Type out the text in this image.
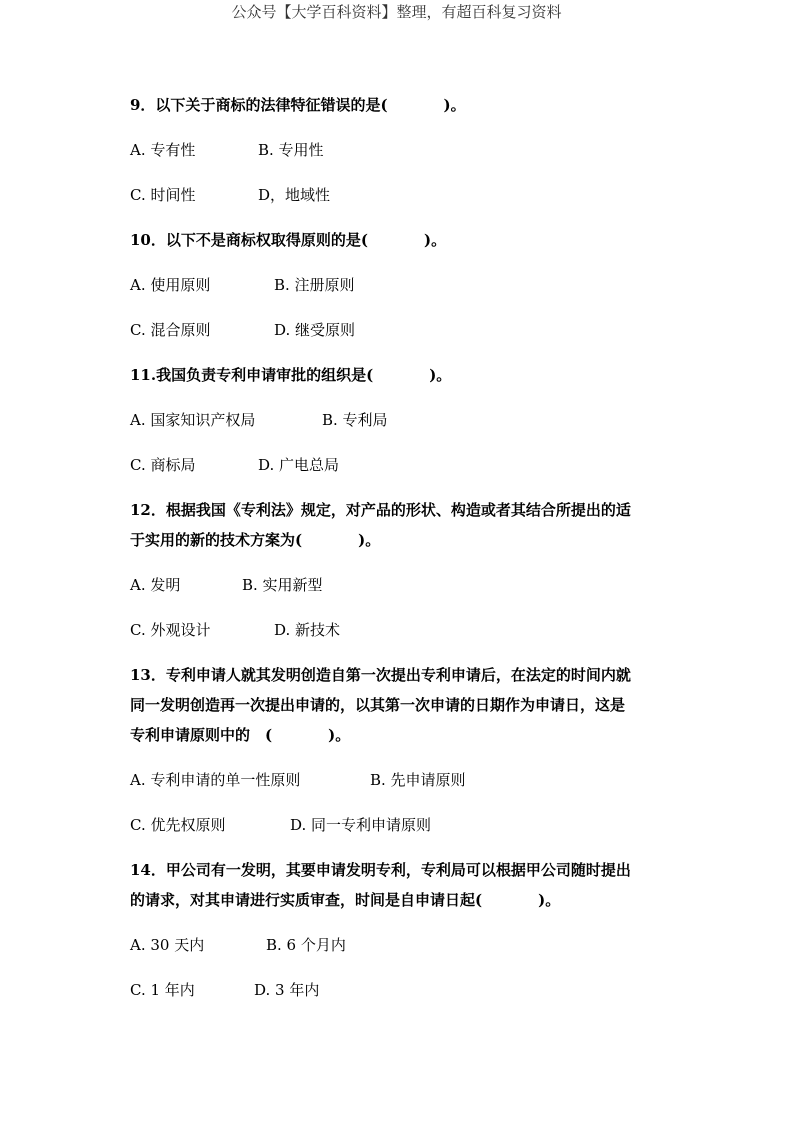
公众号【大学百科资料】整理，有超百科复习资料

9．以下关于商标的法律特征错误的是(	)。

A. 专有性	B. 专用性

C. 时间性	D，地域性

10．以下不是商标权取得原则的是(	)。

A. 使用原则	B. 注册原则

C. 混合原则	D. 继受原则

11.我国负责专利申请审批的组织是(	)。

A. 国家知识产权局	B. 专利局

C. 商标局	D. 广电总局

12．根据我国《专利法》规定，对产品的形状、构造或者其结合所提出的适

于实用的新的技术方案为(	)。

A. 发明	B. 实用新型

C. 外观设计	D. 新技术

13．专利申请人就其发明创造自第一次提出专利申请后，在法定的时间内就

同一发明创造再一次提出申请的，以其第一次申请的日期作为申请日，这是

专利申请原则中的　(	)。

A. 专利申请的单一性原则	B. 先申请原则

C. 优先权原则	D. 同一专利申请原则

14．甲公司有一发明，其要申请发明专利，专利局可以根据甲公司随时提出

的请求，对其申请进行实质审查，时间是自申请日起(	)。

A. 30 天内	B. 6 个月内

C. 1 年内	D. 3 年内
